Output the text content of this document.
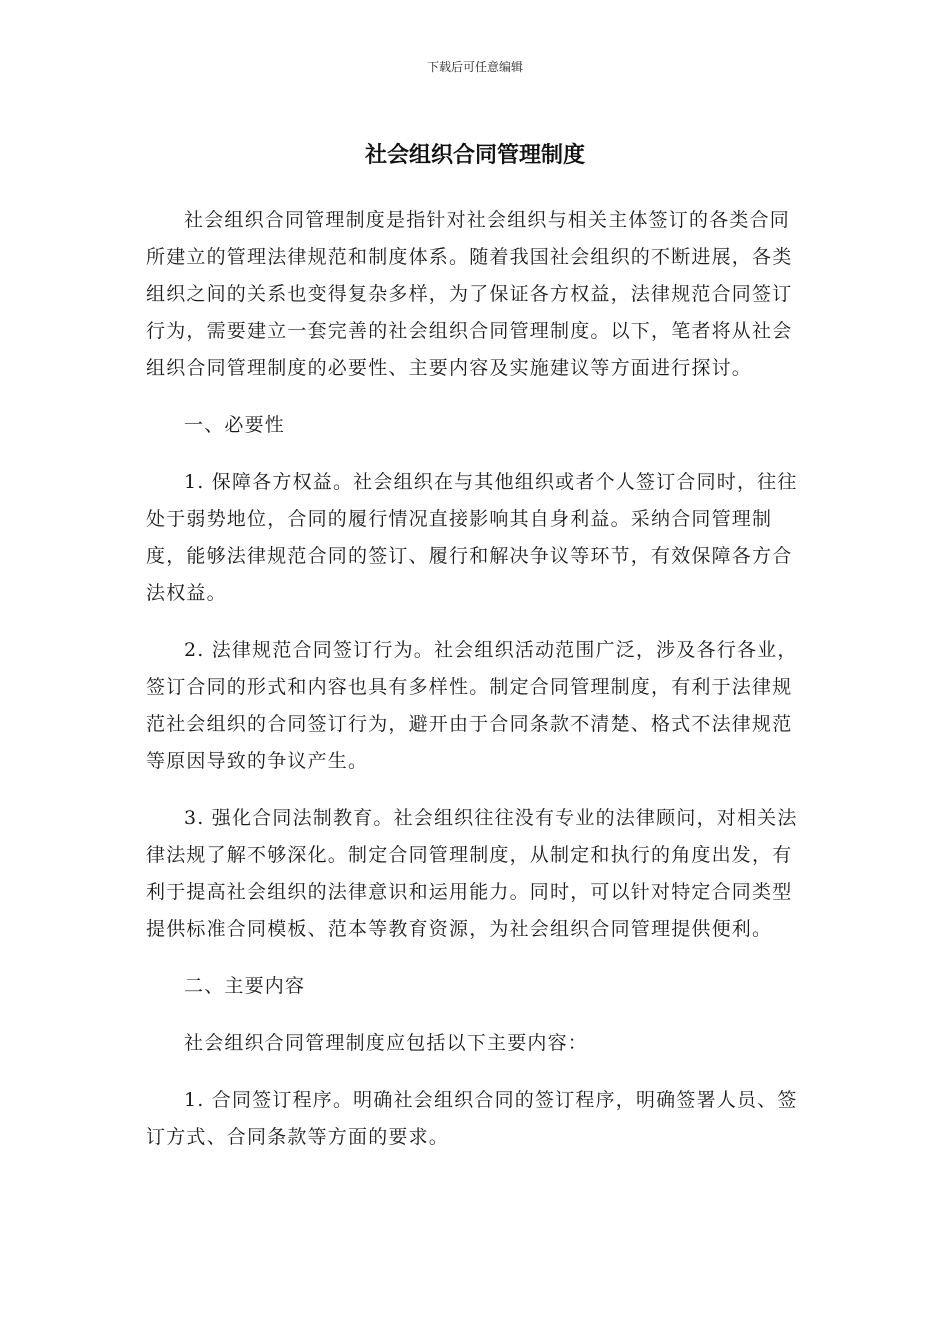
下载后可任意编辑
社会组织合同管理制度

社会组织合同管理制度是指针对社会组织与相关主体签订的各类合同所建立的管理法律规范和制度体系。随着我国社会组织的不断进展，各类组织之间的关系也变得复杂多样，为了保证各方权益，法律规范合同签订行为，需要建立一套完善的社会组织合同管理制度。以下，笔者将从社会组织合同管理制度的必要性、主要内容及实施建议等方面进行探讨。

一、必要性

1. 保障各方权益。社会组织在与其他组织或者个人签订合同时，往往处于弱势地位，合同的履行情况直接影响其自身利益。采纳合同管理制度，能够法律规范合同的签订、履行和解决争议等环节，有效保障各方合法权益。

2. 法律规范合同签订行为。社会组织活动范围广泛，涉及各行各业，签订合同的形式和内容也具有多样性。制定合同管理制度，有利于法律规范社会组织的合同签订行为，避开由于合同条款不清楚、格式不法律规范等原因导致的争议产生。

3. 强化合同法制教育。社会组织往往没有专业的法律顾问，对相关法律法规了解不够深化。制定合同管理制度，从制定和执行的角度出发，有利于提高社会组织的法律意识和运用能力。同时，可以针对特定合同类型提供标准合同模板、范本等教育资源，为社会组织合同管理提供便利。

二、主要内容

社会组织合同管理制度应包括以下主要内容：

1. 合同签订程序。明确社会组织合同的签订程序，明确签署人员、签订方式、合同条款等方面的要求。
